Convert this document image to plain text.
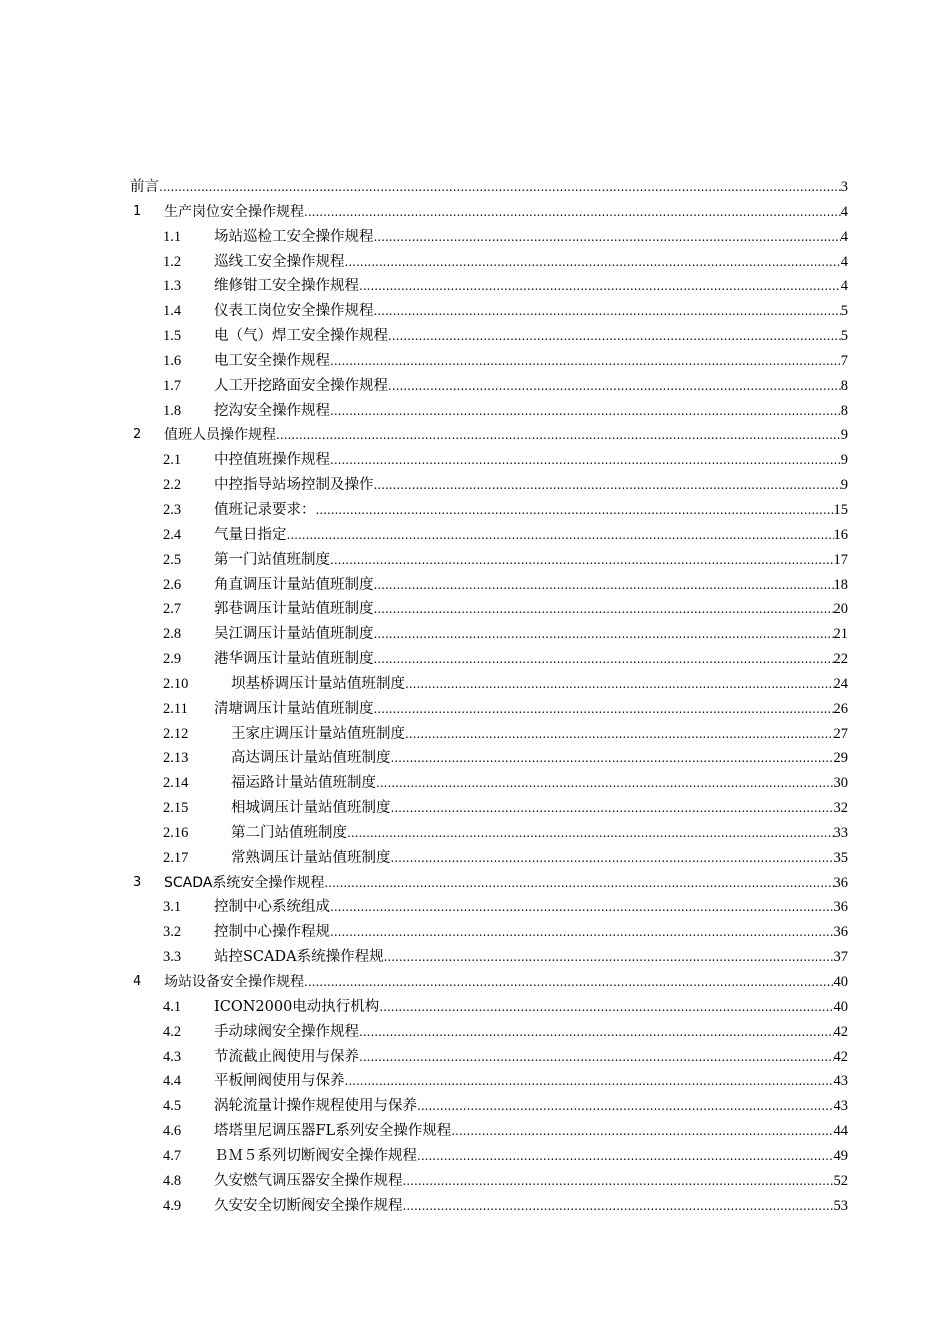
前言 .....	3
1 生产岗位安全操作规程 .....	4
1.1 场站巡检工安全操作规程 .....	4
1.2 巡线工安全操作规程 .....	4
1.3 维修钳工安全操作规程 .....	4
1.4 仪表工岗位安全操作规程 .....	5
1.5 电（气）焊工安全操作规程 .....	5
1.6 电工安全操作规程 .....	7
1.7 人工开挖路面安全操作规程 .....	8
1.8 挖沟安全操作规程 .....	8
2 值班人员操作规程 .....	9
2.1 中控值班操作规程 .....	9
2.2 中控指导站场控制及操作 .....	9
2.3 值班记录要求： .....	15
2.4 气量日指定 .....	16
2.5 第一门站值班制度 .....	17
2.6 角直调压计量站值班制度 .....	18
2.7 郭巷调压计量站值班制度 .....	20
2.8 吴江调压计量站值班制度 .....	21
2.9 港华调压计量站值班制度 .....	22
2.10	坝基桥调压计量站值班制度 .....	24
2.11 清塘调压计量站值班制度 .....	26
2.12	王家庄调压计量站值班制度 .....	27
2.13	高达调压计量站值班制度 .....	29
2.14	福运路计量站值班制度 .....	30
2.15	相城调压计量站值班制度 .....	32
2.16	第二门站值班制度 .....	33
2.17	常熟调压计量站值班制度 .....	35
3 SCADA系统安全操作规程 .....	36
3.1 控制中心系统组成 .....	36
3.2 控制中心操作程规 .....	36
3.3 站控SCADA系统操作程规 .....	37
4 场站设备安全操作规程 .....	40
4.1 ICON2000电动执行机构 .....	40
4.2 手动球阀安全操作规程 .....	42
4.3 节流截止阀使用与保养 .....	42
4.4 平板闸阀使用与保养 .....	43
4.5 涡轮流量计操作规程使用与保养 .....	43
4.6 塔塔里尼调压器FL系列安全操作规程 .....	44
4.7 ＢＭ５系列切断阀安全操作规程 .....	49
4.8 久安燃气调压器安全操作规程 .....	52
4.9 久安安全切断阀安全操作规程 .....	53
